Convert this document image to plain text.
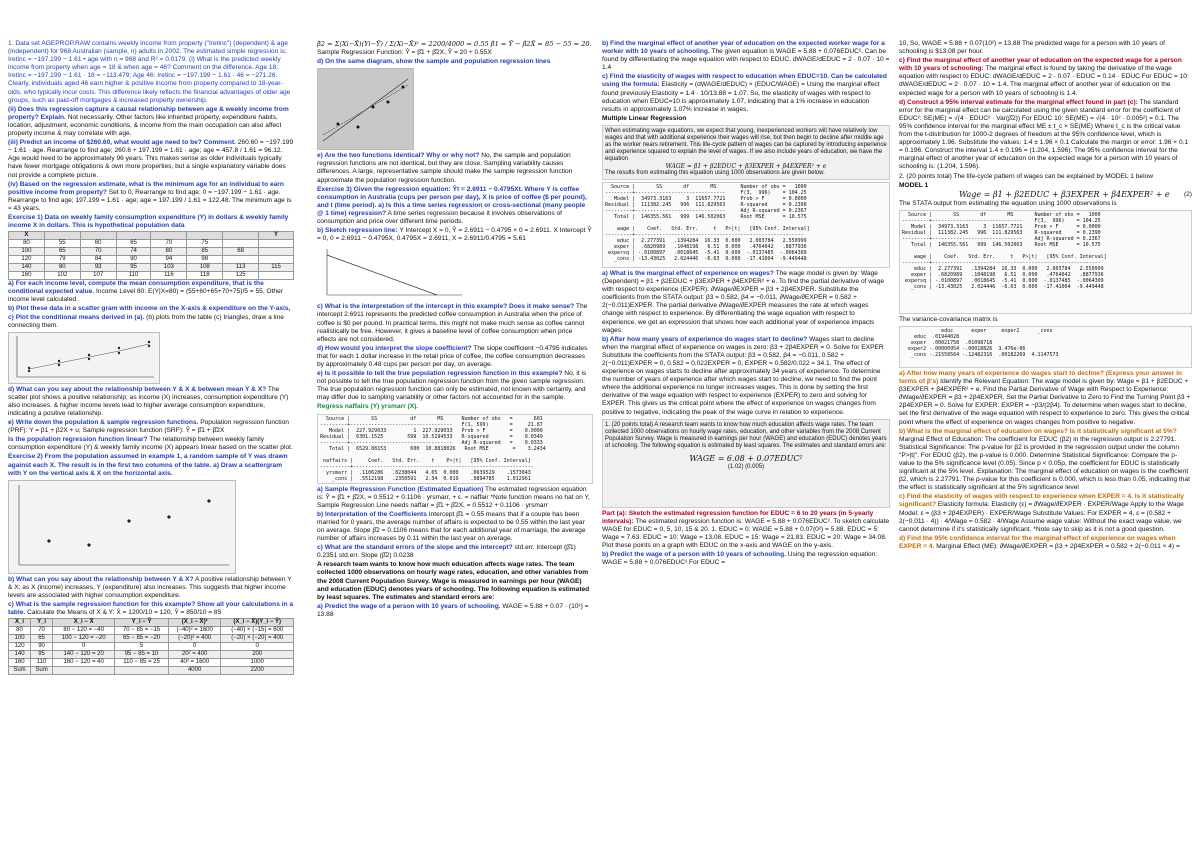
1. Data set AGEPROP.RAW contains weekly income from property ("Iretinc") (dependent) & age (independent) for 968 Australian (sample, n) adults in 2002. The estimated simple regression is: Iretinc = −197.199 − 1.61 • age with n = 968 and R² = 0.0179. (i) What is the predicted weekly income from property when age = 18 & when age = 46? Comment on the difference. Age 18: Iretinc = −197.199 − 1.61 · 18 = −113.479; Age 46: Iretinc = −197.199 − 1.61 · 46 = −271.26. Clearly, individuals aged 46 earn higher & positive income from property compared to 18-year-olds, who typically incur costs. This difference likely reflects the financial advantages of older age groups, such as paid-off mortgages & increased property ownership.
(ii) Does this regression capture a causal relationship between age & weekly income from property? Explain. Not necessarily. Other factors like inherited property, expenditure habits, location, adjustment, economic conditions, & income from the main occupation can also affect property income & may correlate with age.
(iii) Predict an income of $260.60, what would age need to be? Comment. 260.60 = −197.199 − 1.61 · age. Rearrange to find age; 260.6 + 197.199 = 1.61 · age; age = 457.8 / 1.61 = 96.12. Age would need to be approximately 96 years. This makes sense as older individuals typically have fewer mortgage obligations & own more properties, but a single explanatory variable does not provide a complete picture.
(iv) Based on the regression estimate, what is the minimum age for an individual to earn positive income from property? Set to 0, Rearrange to find age; 0 = −197.199 − 1.61 · age. Rearrange to find age; 197.199 = 1.61 · age; age = 197.199 / 1.61 = 122.48. The minimum age is ≈ 43 years.
Exercise 1) Data on weekly family consumption expenditure (Y) in dollars & weekly family income X in dollars. This is hypothetical population data
X							Y
80	55	60	65	70	75		
100	65	70	74	80	85	88	
120	79	84	90	94	98		
140	80	93	95	103	108	113	115
160	102	107	110	116	118	125	
a) For each income level, compute the mean consumption expenditure, that is the conditional expected value. Income Level 80: E(Y|X=80) = (55+60+65+70+75)/5 = 55. Other income level calculated.
b) Plot these data in a scatter gram with income on the X-axis & expenditure on the Y-axis, c) Plot the conditional means derived in (a). (b) plots from the table (c) triangles, draw a line connecting them.
d) What can you say about the relationship between Y & X & between mean Y & X? The scatter plot shows a positive relationship; as income (X) increases, consumption expenditure (Y) also increases. & higher income levels lead to higher average consumption expenditure, indicating a positive relationship.
e) Write down the population & sample regression functions. Population regression function (PRF): Y = β1 + β2X + u; Sample regression function (SRF): Ŷ = β̂1 + β̂2X
Is the population regression function linear? The relationship between weekly family consumption expenditure (Y) & weekly family income (X) appears linear based on the scatter plot.
Exercise 2) From the population assumed in example 1, a random sample of Y was drawn against each X. The result is in the first two columns of the table. a) Draw a scattergram with Y on the vertical axis & X on the horizontal axis.
b) What can you say about the relationship between Y & X? A positive relationship between Y & X; as X (income) increases, Y (expenditure) also increases. This suggests that higher income levels are associated with higher consumption expenditure.
c) What is the sample regression function for this example? Show all your calculations in a table. Calculate the Means of X & Y: X̄ = 1200/10 = 120, Ȳ = 850/10 = 85
X_i	Y_i	X_i − X̄	Y_i − Ȳ	(X_i − X̄)²	(X_i − X̄)(Y_i − Ȳ)
80	70	80 − 120 = −40	70 − 85 = −15	(−40)² = 1600	(−40) × (−15) = 600
100	65	100 − 120 = −20	65 − 85 = −20	(−20)² = 400	(−20) × (−20) = 400
120	90	0	5	0	0
140	95	140 − 120 = 20	95 − 85 = 10	20² = 400	200
160	110	160 − 120 = 40	110 − 85 = 25	40² = 1600	1000
Sum	Sum			4000	2200
β̂2 = Σ(Xi−X̄)(Yi−Ȳ) / Σ(Xi−X̄)² = 2200/4000 = 0.55 β̂1 = Ȳ − β̂2X̄ = 85 − 55 = 20.
Sample Regression Function: Ŷ = β̂1 + β̂2X, Ŷ = 20 + 0.55X
d) On the same diagram, show the sample and population regression lines
e) Are the two functions identical? Why or why not? No, the sample and population regression functions are not identical, but they are close. Sampling variability causes differences. A large, representative sample should make the sample regression function approximate the population regression function.
Exercise 3) Given the regression equation: Ŷt = 2.6911 − 0.4795Xt. Where Y is coffee consumption in Australia (cups per person per day), X is price of coffee ($ per pound), and t (time period). a) Is this a time series regression or cross-sectional (many people @ 1 time) regression? A time series regression because it involves observations of consumption and price over different time periods.
b) Sketch regression line: Y Intercept X = 0, Ŷ = 2.6911 − 0.4795 × 0 = 2.6911. X Intercept Ŷ = 0, 0 = 2.6911 − 0.4795X, 0.4795X = 2.6911, X = 2.6911/0.4795 = 5.61
c) What is the interpretation of the intercept in this example? Does it make sense? The intercept 2.6911 represents the predicted coffee consumption in Australia when the price of coffee is $0 per pound. In practical terms, this might not make much sense as coffee cannot realistically be free. However, it gives a baseline level of coffee consumption when price effects are not considered.
d) How would you interpret the slope coefficient? The slope coefficient −0.4795 indicates that for each 1 dollar increase in the retail price of coffee, the coffee consumption decreases by approximately 0.48 cups per person per day, on average.
e) Is it possible to tell the true population regression function in this example? No, it is not possible to tell the true population regression function from the given sample regression. The true population regression function can only be estimated, not known with certainty, and may differ due to sampling variability or other factors not accounted for in the sample.
Regress naffairs (Y) yrsmarr (X).
Source |       SS           df       MS      Number of obs   =       601
---------+----------------------------------   F(1, 599)       =     21.87
Model |  227.929033         1  227.929033   Prob > F        =    0.0000
Residual |  6301.1525        599  10.5194533   R-squared       =    0.0349
---------+----------------------------------   Adj R-squared   =    0.0333
Total |  6529.08153        600  10.8818026   Root MSE        =    3.2434

naffairs |     Coef.   Std. Err.    t    P>|t|   [95% Conf. Interval]
----------+------------------------------------------------------------
yrsmarr |  .1106286   .0238044   4.65  0.000    .0639529    .1573043
_cons |  .5512198   .2350591   2.34  0.019    .0894785    1.012961
a) Sample Regression Function (Estimated Equation) The estimated regression equation is: Ŷ = β̂1 + β̂2X, = 0.5512 + 0.1106 · yrsmarr, + ε. = naffair *Note function means no hat on Y, Sample Regression Line needs naffair = β̂1 + β̂2X, = 0.5512 + 0.1106 · yrsmarr
b) Interpretation of the Coefficients Intercept β̂1 = 0.55 means that if a couple has been married for 0 years, the average number of affairs is expected to be 0.55 within the last year on average. Slope β̂2 = 0.1106 means that for each additional year of marriage, the average number of affairs increases by 0.11 within the last year on average.
c) What are the standard errors of the slope and the intercept? std.err. Intercept (β̂1) 0.2351 std.err. Slope (β̂2) 0.0238
A research team wants to know how much education affects wage rates. The team collected 1000 observations on hourly wage rates, education, and other variables from the 2008 Current Population Survey. Wage is measured in earnings per hour (WAGE) and education (EDUC) denotes years of schooling. The following equation is estimated by least squares. The estimates and standard errors are:
a) Predict the wage of a person with 10 years of schooling. WAGE = 5.88 + 0.07 · (10²) = 13.88
b) Find the marginal effect of another year of education on the expected worker wage for a worker with 10 years of schooling. The given equation is WAGE = 5.88 + 0.076EDUC². Can be found by differentiating the wage equation with respect to EDUC. dWAGE/dEDUC = 2 · 0.07 · 10 = 1.4
c) Find the elasticity of wages with respect to education when EDUC=10. Can be calculated using the formula: Elasticity = (dWAGE/dEDUC) × (EDUC/WAGE) = Using the marginal effect found previously Elasticity = 1.4 · 10/13.88 = 1.07. So, the elasticity of wages with respect to education when EDUC=10 is approximately 1.07, indicating that a 1% increase in education results in approximately 1.07% increase in wages.
Multiple Linear Regression
When estimating wage equations, we expect that young, inexperienced workers will have relatively low wages and that with additional experience their wages will rise, but then begin to decline after middle age as the worker nears retirement. This life-cycle pattern of wages can be captured by introducing experience and experience squared to explain the level of wages. If we also include years of education, we have the equation
WAGE = β1 + β2EDUC + β3EXPER + β4EXPER² + e
The results from estimating this equation using 1000 observations are given below.
Source |       SS       df       MS        Number of obs =   1000
---------+------------------------------     F(3,  996)    = 104.25
Model |  34973.3163     3  11657.7721     Prob > F      = 0.0000
Residual |  111382.245   996  111.829563     R-squared     = 0.2390
---------+------------------------------     Adj R-squared = 0.2367
Total |  146355.561   999  146.502063     Root MSE      = 10.575

wage |    Coef.   Std. Err.     t   P>|t|   [95% Conf. Interval]
---------+--------------------------------------------------------
educ |  2.277391   .1394284  16.33  0.000   2.003784   2.550999
exper |  .6820989   .1048198   6.51  0.000   .4764042   .8877936
expersq | -.0100897   .0018645  -5.41  0.000  -.0137485  -.0064309
_cons | -13.43025   2.024446  -6.63  0.000  -17.41004  -9.449448
a) What is the marginal effect of experience on wages? The wage model is given by: Wage (Dependent) = β1 + β2EDUC + β3EXPER + β4EXPER² + e. To find the partial derivative of wage with respect to experience (EXPER): ∂Wage/∂EXPER = β3 + 2β4EXPER. Substitute the coefficients from the STATA output: β3 = 0.582, β4 = −0.011, ∂Wage/∂EXPER = 0.582 + 2(−0.011)EXPER. The partial derivative ∂Wage/∂EXPER measures the rate at which wages change with respect to experience. By differentiating the wage equation with respect to experience, we get an expression that shows how each additional year of experience impacts wages.
b) After how many years of experience do wages start to decline? Wages start to decline when the marginal effect of experience on wages is zero: β3 + 2β4EXPER = 0. Solve for EXPER Substitute the coefficients from the STATA output: β3 = 0.582, β4 = −0.011, 0.582 + 2(−0.011)EXPER = 0, 0.582 = 0.022EXPER = 0, EXPER = 0.582/0.022 ≈ 34.1. The effect of experience on wages starts to decline after approximately 34 years of experience. To determine the number of years of experience after which wages start to decline, we need to find the point where the additional experience no longer increases wages. This is done by setting the first derivative of the wage equation with respect to experience (EXPER) to zero and solving for EXPER. This gives us the critical point where the effect of experience on wages changes from positive to negative, indicating the peak of the wage curve in relation to experience.
1. (20 points total) A research team wants to know how much education affects wage rates. The team collected 1000 observations on hourly wage rates, education, and other variables from the 2008 Current Population Survey. Wage is measured in earnings per hour (WAGE) and education (EDUC) denotes years of schooling. The following equation is estimated by least squares. The estimates and standard errors are:
WAGE = 6.08 + 0.07EDUC²
(1.02) (0.005)
Part (a): Sketch the estimated regression function for EDUC = 6 to 20 years (in 5-yearly intervals): The estimated regression function is: WAGE = 5.88 + 0.076EDUC². To sketch calculate WAGE for EDUC = 0, 5, 10, 15 & 20. 1. EDUC = 0: WAGE = 5.88 + 0.07(0²) = 5.88. EDUC = 5: Wage = 7.63. EDUC = 10: Wage = 13.08. EDUC = 15: Wage = 21.83. EDUC = 20: Wage = 34.08. Plot these points on a graph with EDUC on the x-axis and WAGE on the y-axis.
b) Predict the wage of a person with 10 years of schooling. Using the regression equation: WAGE = 5.88 + 0.076EDUC² For EDUC =
10, So, WAGE = 5.88 + 0.07(10²) = 13.88 The predicted wage for a person with 10 years of schooling is $13.08 per hour.
c) Find the marginal effect of another year of education on the expected wage for a person with 10 years of schooling: The marginal effect is found by taking the derivative of the wage equation with respect to EDUC: dWAGE/dEDUC = 2 · 0.07 · EDUC = 0.14 · EDUC For EDUC = 10: dWAGE/dEDUC = 2 · 0.07 · 10 = 1.4. The marginal effect of another year of education on the expected wage for a person with 10 years of schooling is 1.4.
d) Construct a 95% interval estimate for the marginal effect found in part (c): The standard error for the marginal effect can be calculated using the given standard error for the coefficient of EDUC²: SE(ME) = √(4 · EDUC² · Var(β̂2)) For EDUC 10: SE(ME) = √(4 · 10² · 0.005²) = 0.1. The 95% confidence interval for the marginal effect ME ± t_c × SE(ME) Where t_c is the critical value from the t-distribution for 1000-2 degrees of freedom at the 95% confidence level, which is approximately 1.96. Substitute the values: 1.4 ± 1.96 × 0.1 Calculate the margin or error: 1.96 × 0.1 = 0.196. Construct the interval 1.4 ± 0.196 = (1.204, 1.596). The 95% confidence interval for the marginal effect of another year of education on the expected wage for a person with 10 years of schooling is: (1.204, 1.596).
2. (20 points total) The life-cycle pattern of wages can be explained by MODEL 1 below
MODEL 1
Wage = β1 + β2EDUC + β3EXPER + β4EXPER² + e (2)
The STATA output from estimating the equation using 1000 observations is
Source |       SS       df       MS       Number of obs =   1000
---------+------------------------------    F(3,  996)    = 104.25
Model |  34973.3163     3  11657.7721    Prob > F      = 0.0000
Residual |  111382.245   996  111.829563    R-squared     = 0.2390
---------+------------------------------    Adj R-squared = 0.2367
Total |  146355.561   999  146.502063    Root MSE      = 10.575

wage |    Coef.   Std. Err.     t   P>|t|   [95% Conf. Interval]
---------+--------------------------------------------------------
educ |  2.277391   .1394284  16.33  0.000   2.003784   2.550999
exper |  .6820989   .1048198   6.51  0.000   .4764042   .8877936
expersq | -.0100897   .0018645  -5.41  0.000  -.0137485  -.0064309
_cons | -13.43025   2.024446  -6.63  0.000  -17.41004  -9.449448
The variance-covariance matrix is
educ      exper     exper2      _cons
educ  .01944028
exper  .00021758  .01098718
exper2 -.00000954 -.00018826  3.476e-06
_cons -.21558564 -.12482316  .00182269  4.1147573
a) After how many years of experience do wages start to decline? (Express your answer in terms of β's) Identify the Relevant Equation: The wage model is given by: Wage = β1 + β2EDUC + β3EXPER + β4EXPER² + e. Find the Partial Derivative of Wage with Respect to Experience: ∂Wage/∂EXPER = β3 + 2β4EXPER. Set the Partial Derivative to Zero to Find the Turning Point β3 + 2β4EXPER = 0. Solve for EXPER: EXPER = −β3/(2β4). To determine when wages start to decline, set the first derivative of the wage equation with respect to experience to zero. This gives the critical point where the effect of experience on wages changes from positive to negative.
b) What is the marginal effect of education on wages? Is it statistically significant at 5%? Marginal Effect of Education: The coefficient for EDUC (β2) in the regression output is 2.27791. Statistical Significance: The p-value for β2 is provided in the regression output under the column "P>|t|". For EDUC (β2), the p-value is 0.000. Determine Statistical Significance: Compare the p-value to the 5% significance level (0.05). Since p < 0.05p, the coefficient for EDUC is statistically significant at the 5% level. Explanation: The marginal effect of education on wages is the coefficient β2, which is 2.27791. The p-value for this coefficient is 0.000, which is less than 0.05, indicating that the effect is statistically significant at the 5% significance level
c) Find the elasticity of wages with respect to experience when EXPER = 4. Is it statistically significant? Elasticity formula: Elasticity (ε) = ∂Wage/∂EXPER · EXPER/Wage Apply to the Wage Model: ε = (β3 + 2β4EXPER) · EXPER/Wage Substitute Values: For EXPER = 4, ε = (0.582 + 2(−0.011 · 4)) · 4/Wage = 0.582 · 4/Wage Assume wage value: Without the exact wage value, we cannot determine if it's statistically significant. *Note say to skip as it is not a good question.
d) Find the 95% confidence interval for the marginal effect of experience on wages when EXPER = 4. Marginal Effect (ME): ∂Wage/∂EXPER = β3 + 2β4EXPER = 0.582 + 2(−0.011 × 4) =
